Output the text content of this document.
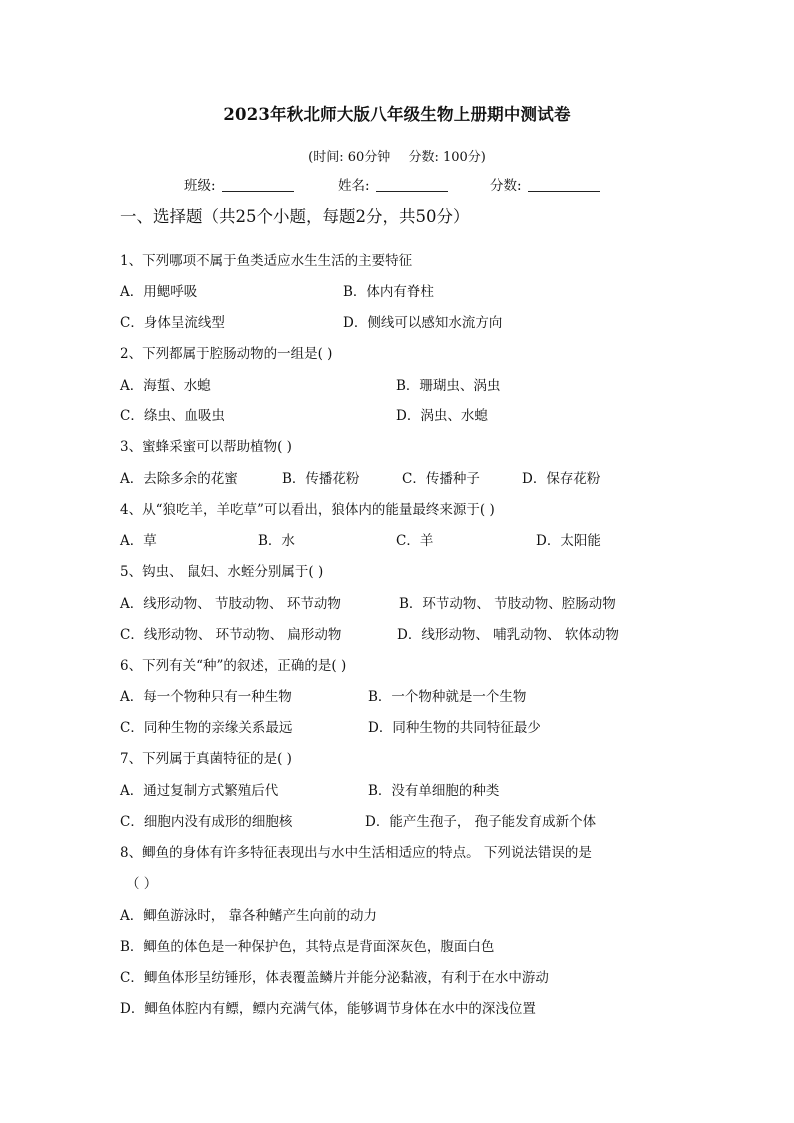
2023年秋北师大版八年级生物上册期中测试卷
(时间: 60分钟 分数: 100分)
班级:	姓名:	分数:
一、选择题（共25个小题，每题2分，共50分）
1、下列哪项不属于鱼类适应水生生活的主要特征
A．用鳃呼吸	B．体内有脊柱
C．身体呈流线型	D．侧线可以感知水流方向
2、下列都属于腔肠动物的一组是( )
A．海蜇、水螅	B．珊瑚虫、涡虫
C．绦虫、血吸虫	D．涡虫、水螅
3、蜜蜂采蜜可以帮助植物( )
A．去除多余的花蜜	B．传播花粉	C．传播种子	D．保存花粉
4、从“狼吃羊，羊吃草”可以看出，狼体内的能量最终来源于( )
A．草	B．水	C．羊	D．太阳能
5、钩虫、 鼠妇、水蛭分别属于( )
A．线形动物、 节肢动物、 环节动物	B．环节动物、 节肢动物、腔肠动物
C．线形动物、 环节动物、 扁形动物	D．线形动物、 哺乳动物、 软体动物
6、下列有关“种”的叙述，正确的是( )
A．每一个物种只有一种生物	B．一个物种就是一个生物
C．同种生物的亲缘关系最远	D．同种生物的共同特征最少
7、下列属于真菌特征的是( )
A．通过复制方式繁殖后代	B．没有单细胞的种类
C．细胞内没有成形的细胞核	D．能产生孢子， 孢子能发育成新个体
8、鲫鱼的身体有许多特征表现出与水中生活相适应的特点。 下列说法错误的是
（ ）
A．鲫鱼游泳时， 靠各种鳍产生向前的动力
B．鲫鱼的体色是一种保护色，其特点是背面深灰色，腹面白色
C．鲫鱼体形呈纺锤形，体表覆盖鳞片并能分泌黏液，有利于在水中游动
D．鲫鱼体腔内有鳔，鳔内充满气体，能够调节身体在水中的深浅位置
